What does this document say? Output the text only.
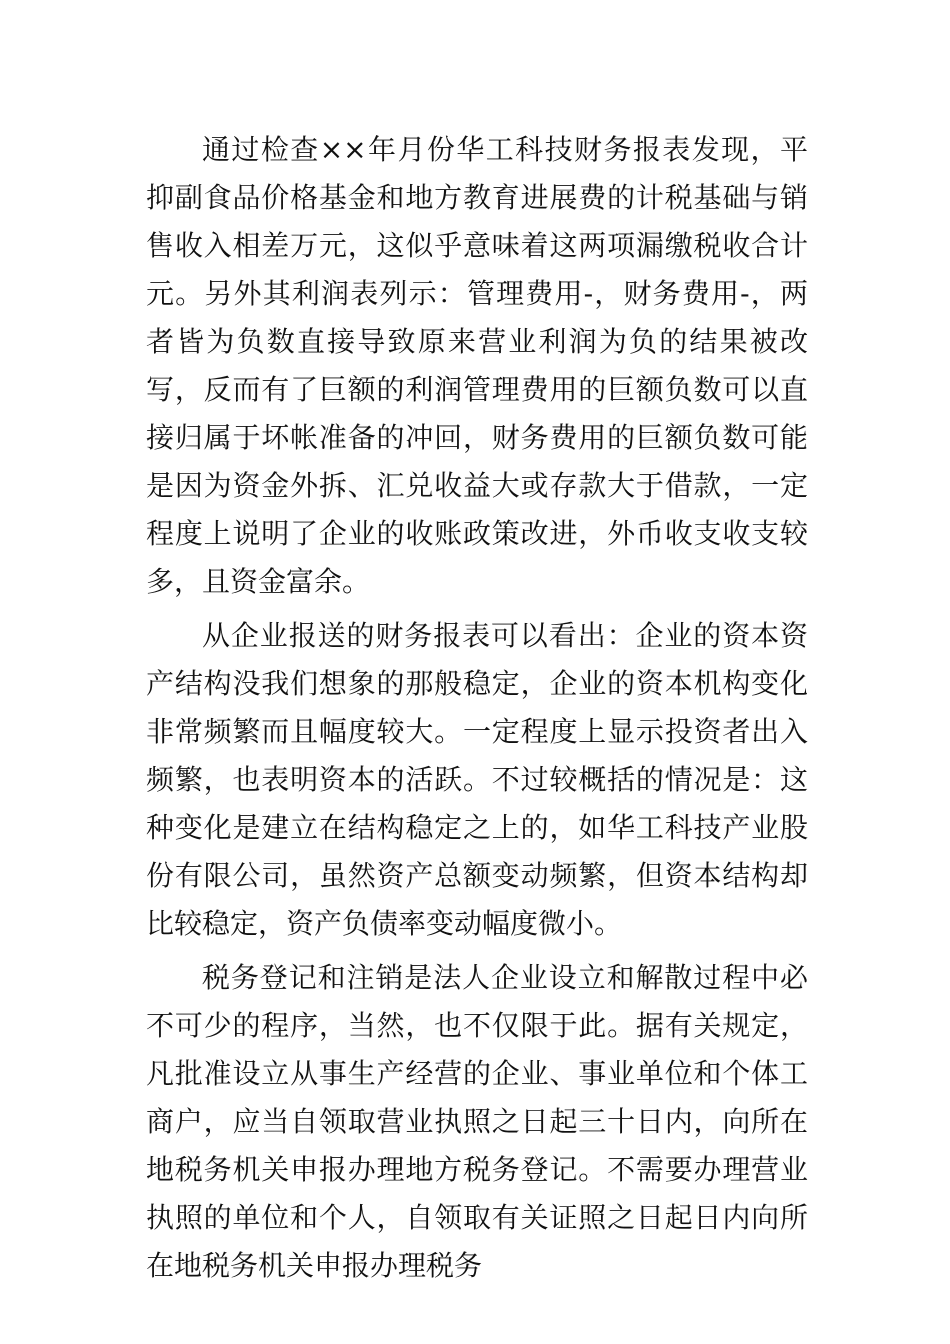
通过检查××年月份华工科技财务报表发现，平抑副食品价格基金和地方教育进展费的计税基础与销售收入相差万元，这似乎意味着这两项漏缴税收合计元。另外其利润表列示：管理费用-，财务费用-，两者皆为负数直接导致原来营业利润为负的结果被改写，反而有了巨额的利润管理费用的巨额负数可以直接归属于坏帐准备的冲回，财务费用的巨额负数可能是因为资金外拆、汇兑收益大或存款大于借款，一定程度上说明了企业的收账政策改进，外币收支收支较多，且资金富余。

从企业报送的财务报表可以看出：企业的资本资产结构没我们想象的那般稳定，企业的资本机构变化非常频繁而且幅度较大。一定程度上显示投资者出入频繁，也表明资本的活跃。不过较概括的情况是：这种变化是建立在结构稳定之上的，如华工科技产业股份有限公司，虽然资产总额变动频繁，但资本结构却比较稳定，资产负债率变动幅度微小。

税务登记和注销是法人企业设立和解散过程中必不可少的程序，当然，也不仅限于此。据有关规定，凡批准设立从事生产经营的企业、事业单位和个体工商户，应当自领取营业执照之日起三十日内，向所在地税务机关申报办理地方税务登记。不需要办理营业执照的单位和个人，自领取有关证照之日起日内向所在地税务机关申报办理税务
